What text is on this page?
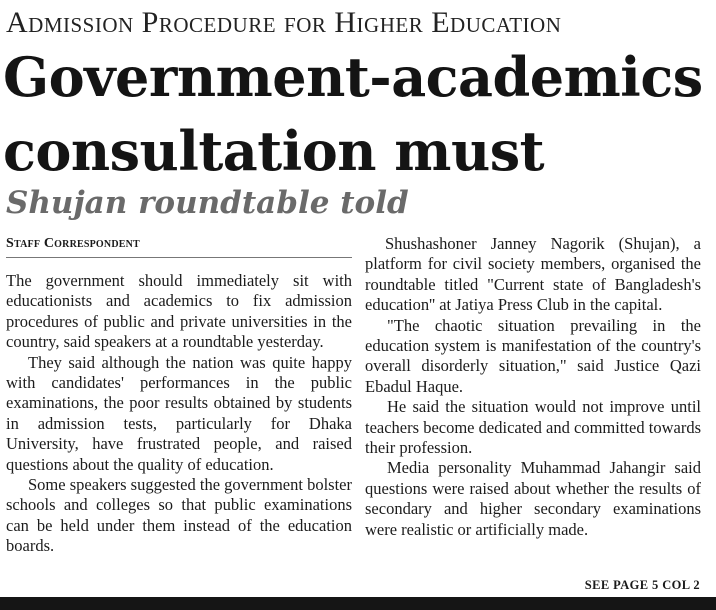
Admission Procedure for Higher Education
Government-academics consultation must
Shujan roundtable told
Staff Correspondent

The government should immediately sit with educationists and academics to fix admission procedures of public and private universities in the country, said speakers at a roundtable yesterday.

They said although the nation was quite happy with candidates' performances in the public examinations, the poor results obtained by students in admission tests, particularly for Dhaka University, have frustrated people, and raised questions about the quality of education.

Some speakers suggested the government bolster schools and colleges so that public examinations can be held under them instead of the education boards.

Shushashoner Janney Nagorik (Shujan), a platform for civil society members, organised the roundtable titled "Current state of Bangladesh's education'' at Jatiya Press Club in the capital.

"The chaotic situation prevailing in the education system is manifestation of the country's overall disorderly situation," said Justice Qazi Ebadul Haque.

He said the situation would not improve until teachers become dedicated and committed towards their profession.

Media personality Muhammad Jahangir said questions were raised about whether the results of secondary and higher secondary examinations were realistic or artificially made.

SEE PAGE 5 COL 2
